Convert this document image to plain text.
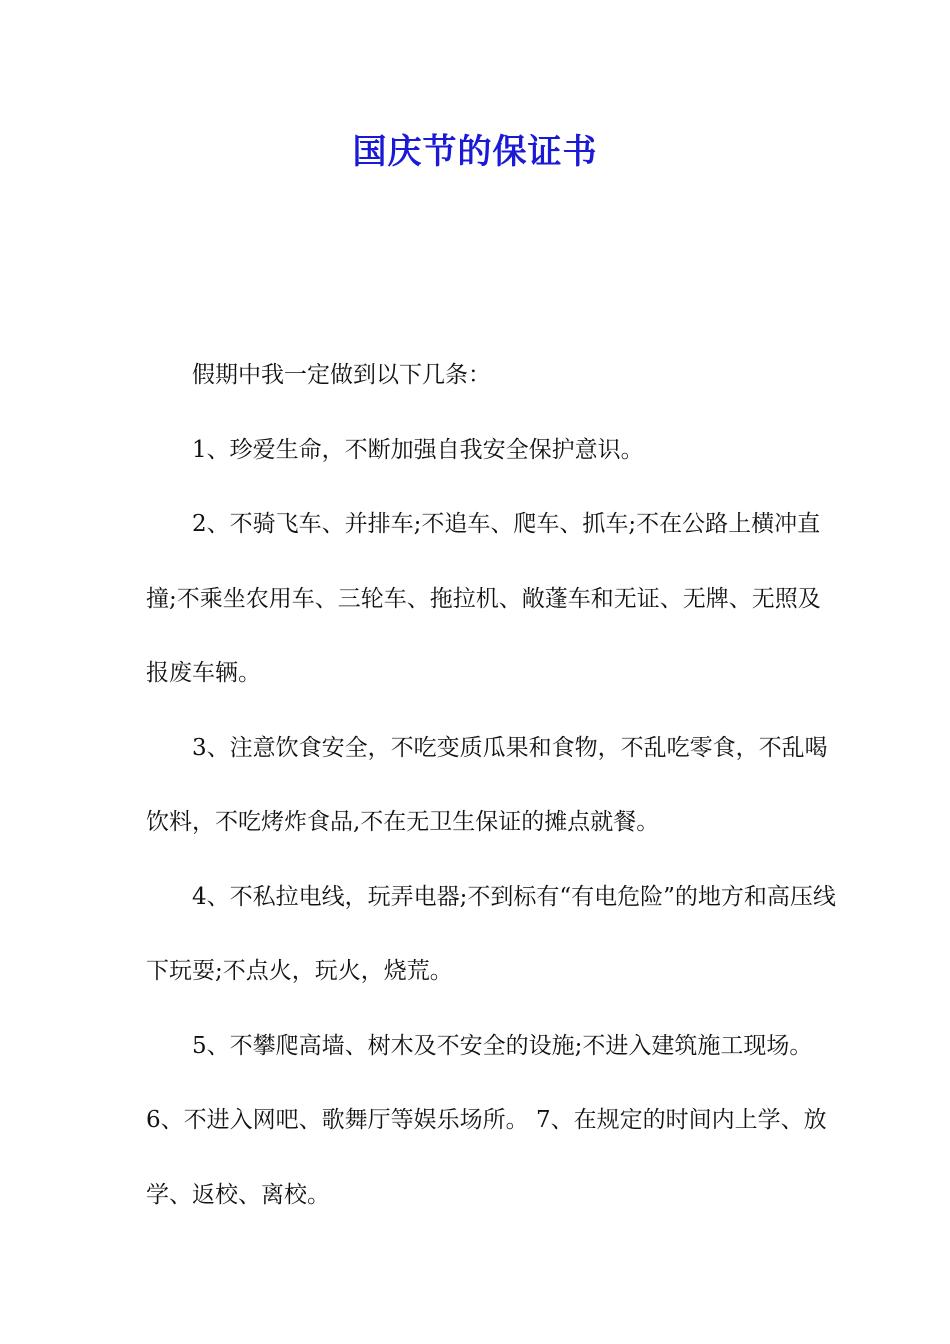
国庆节的保证书

假期中我一定做到以下几条：

1、珍爱生命，不断加强自我安全保护意识。

2、不骑飞车、并排车;不追车、爬车、抓车;不在公路上横冲直撞;不乘坐农用车、三轮车、拖拉机、敞蓬车和无证、无牌、无照及报废车辆。

3、注意饮食安全，不吃变质瓜果和食物，不乱吃零食，不乱喝饮料，不吃烤炸食品,不在无卫生保证的摊点就餐。

4、不私拉电线，玩弄电器;不到标有“有电危险”的地方和高压线下玩耍;不点火，玩火，烧荒。

5、不攀爬高墙、树木及不安全的设施;不进入建筑施工现场。 6、不进入网吧、歌舞厅等娱乐场所。 7、在规定的时间内上学、放学、返校、离校。
